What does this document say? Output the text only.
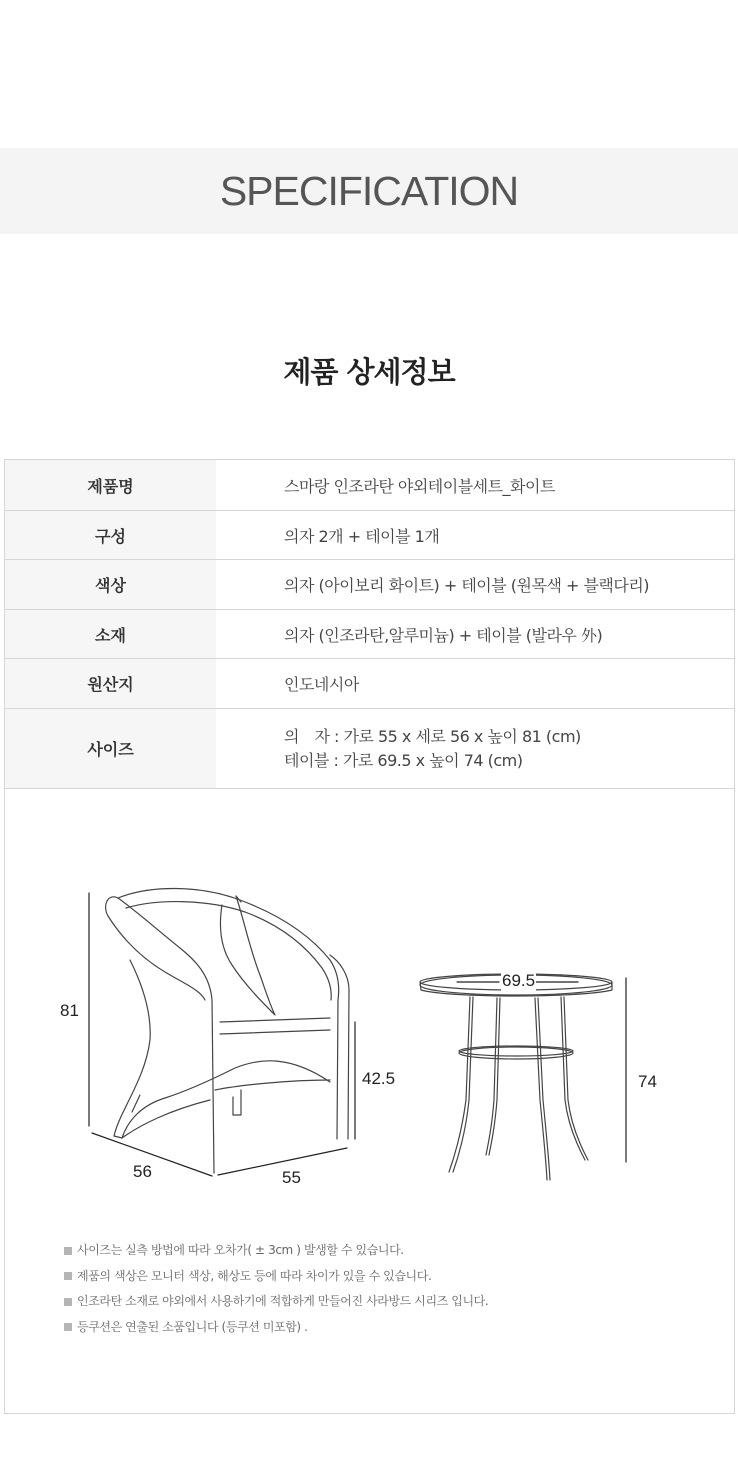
SPECIFICATION
제품 상세정보
제품명	스마랑 인조라탄 야외테이블세트_화이트
구성	의자 2개 + 테이블 1개
색상	의자 (아이보리 화이트) + 테이블 (원목색 + 블랙다리)
소재	의자 (인조라탄,알루미늄) + 테이블 (발라우 外)
원산지	인도네시아
사이즈	의　자 : 가로 55 x 세로 56 x 높이 81 (cm)
테이블 : 가로 69.5 x 높이 74 (cm)
81
42.5
56	55
69.5
74
사이즈는 실측 방법에 따라 오차가( ± 3cm ) 발생할 수 있습니다.
제품의 색상은 모니터 색상, 해상도 등에 따라 차이가 있을 수 있습니다.
인조라탄 소재로 야외에서 사용하기에 적합하게 만들어진 사라방드 시리즈 입니다.
등쿠션은 연출된 소품입니다 (등쿠션 미포함) .
